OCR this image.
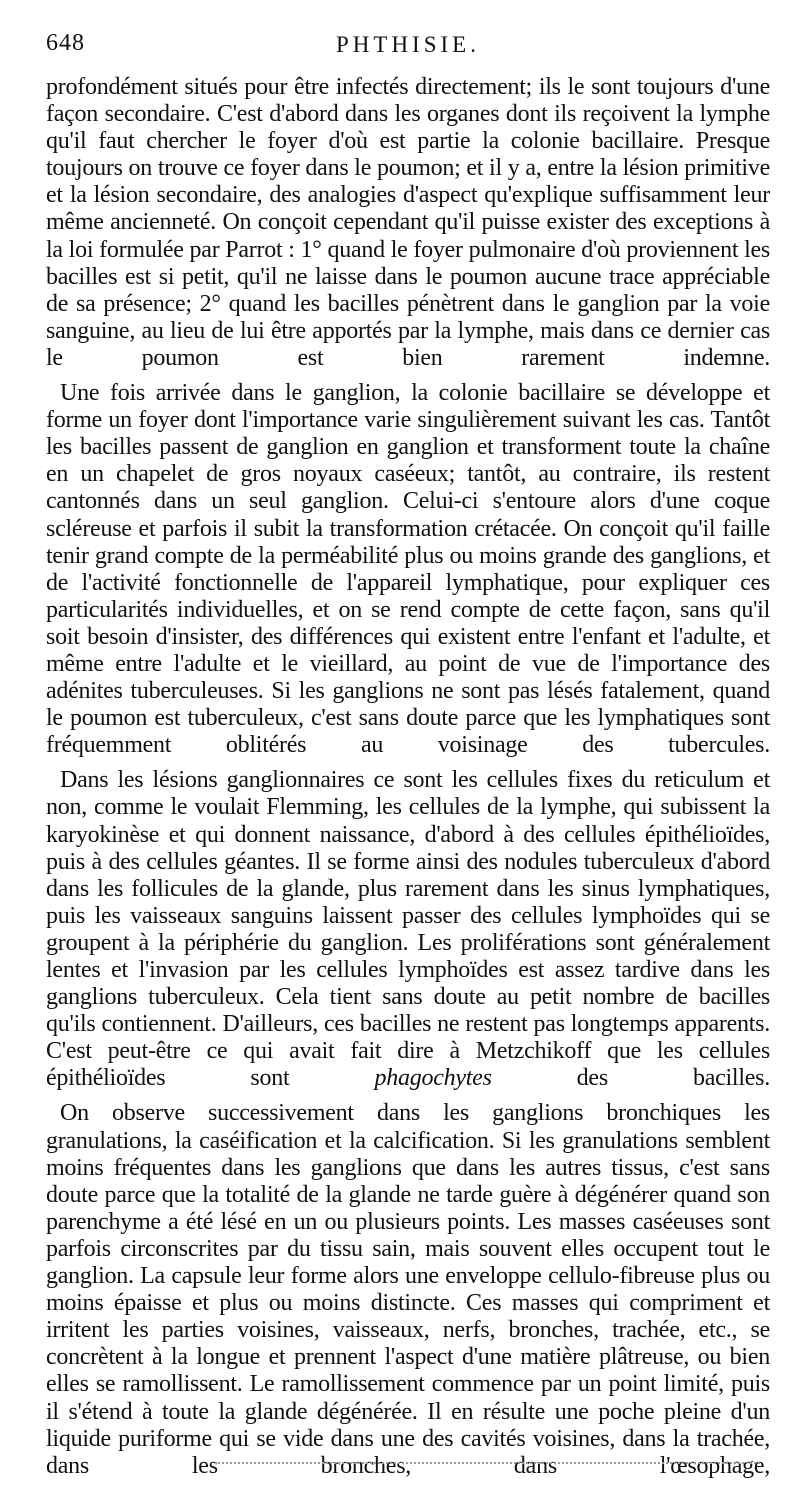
648	PHTHISIE.

profondément situés pour être infectés directement; ils le sont toujours d'une façon secondaire. C'est d'abord dans les organes dont ils reçoivent la lymphe qu'il faut chercher le foyer d'où est partie la colonie bacillaire. Presque toujours on trouve ce foyer dans le poumon; et il y a, entre la lésion primitive et la lésion secondaire, des analogies d'aspect qu'explique suffisamment leur même ancienneté. On conçoit cependant qu'il puisse exister des exceptions à la loi formulée par Parrot : 1° quand le foyer pulmonaire d'où proviennent les bacilles est si petit, qu'il ne laisse dans le poumon aucune trace appréciable de sa présence; 2° quand les bacilles pénètrent dans le ganglion par la voie sanguine, au lieu de lui être apportés par la lymphe, mais dans ce dernier cas le poumon est bien rarement indemne.

Une fois arrivée dans le ganglion, la colonie bacillaire se développe et forme un foyer dont l'importance varie singulièrement suivant les cas. Tantôt les bacilles passent de ganglion en ganglion et transforment toute la chaîne en un chapelet de gros noyaux caséeux; tantôt, au contraire, ils restent cantonnés dans un seul ganglion. Celui-ci s'entoure alors d'une coque scléreuse et parfois il subit la transformation crétacée. On conçoit qu'il faille tenir grand compte de la perméabilité plus ou moins grande des ganglions, et de l'activité fonctionnelle de l'appareil lymphatique, pour expliquer ces particularités individuelles, et on se rend compte de cette façon, sans qu'il soit besoin d'insister, des différences qui existent entre l'enfant et l'adulte, et même entre l'adulte et le vieillard, au point de vue de l'importance des adénites tuberculeuses. Si les ganglions ne sont pas lésés fatalement, quand le poumon est tuberculeux, c'est sans doute parce que les lymphatiques sont fréquemment oblitérés au voisinage des tubercules.

Dans les lésions ganglionnaires ce sont les cellules fixes du reticulum et non, comme le voulait Flemming, les cellules de la lymphe, qui subissent la karyokinèse et qui donnent naissance, d'abord à des cellules épithélioïdes, puis à des cellules géantes. Il se forme ainsi des nodules tuberculeux d'abord dans les follicules de la glande, plus rarement dans les sinus lymphatiques, puis les vaisseaux sanguins laissent passer des cellules lymphoïdes qui se groupent à la périphérie du ganglion. Les proliférations sont généralement lentes et l'invasion par les cellules lymphoïdes est assez tardive dans les ganglions tuberculeux. Cela tient sans doute au petit nombre de bacilles qu'ils contiennent. D'ailleurs, ces bacilles ne restent pas longtemps apparents. C'est peut-être ce qui avait fait dire à Metzchikoff que les cellules épithélioïdes sont phagochytes des bacilles.

On observe successivement dans les ganglions bronchiques les granulations, la caséification et la calcification. Si les granulations semblent moins fréquentes dans les ganglions que dans les autres tissus, c'est sans doute parce que la totalité de la glande ne tarde guère à dégénérer quand son parenchyme a été lésé en un ou plusieurs points. Les masses caséeuses sont parfois circonscrites par du tissu sain, mais souvent elles occupent tout le ganglion. La capsule leur forme alors une enveloppe cellulo-fibreuse plus ou moins épaisse et plus ou moins distincte. Ces masses qui compriment et irritent les parties voisines, vaisseaux, nerfs, bronches, trachée, etc., se concrètent à la longue et prennent l'aspect d'une matière plâtreuse, ou bien elles se ramollissent. Le ramollissement commence par un point limité, puis il s'étend à toute la glande dégénérée. Il en résulte une poche pleine d'un liquide puriforme qui se vide dans une des cavités voisines, dans la trachée, dans les bronches, dans l'œsophage,
